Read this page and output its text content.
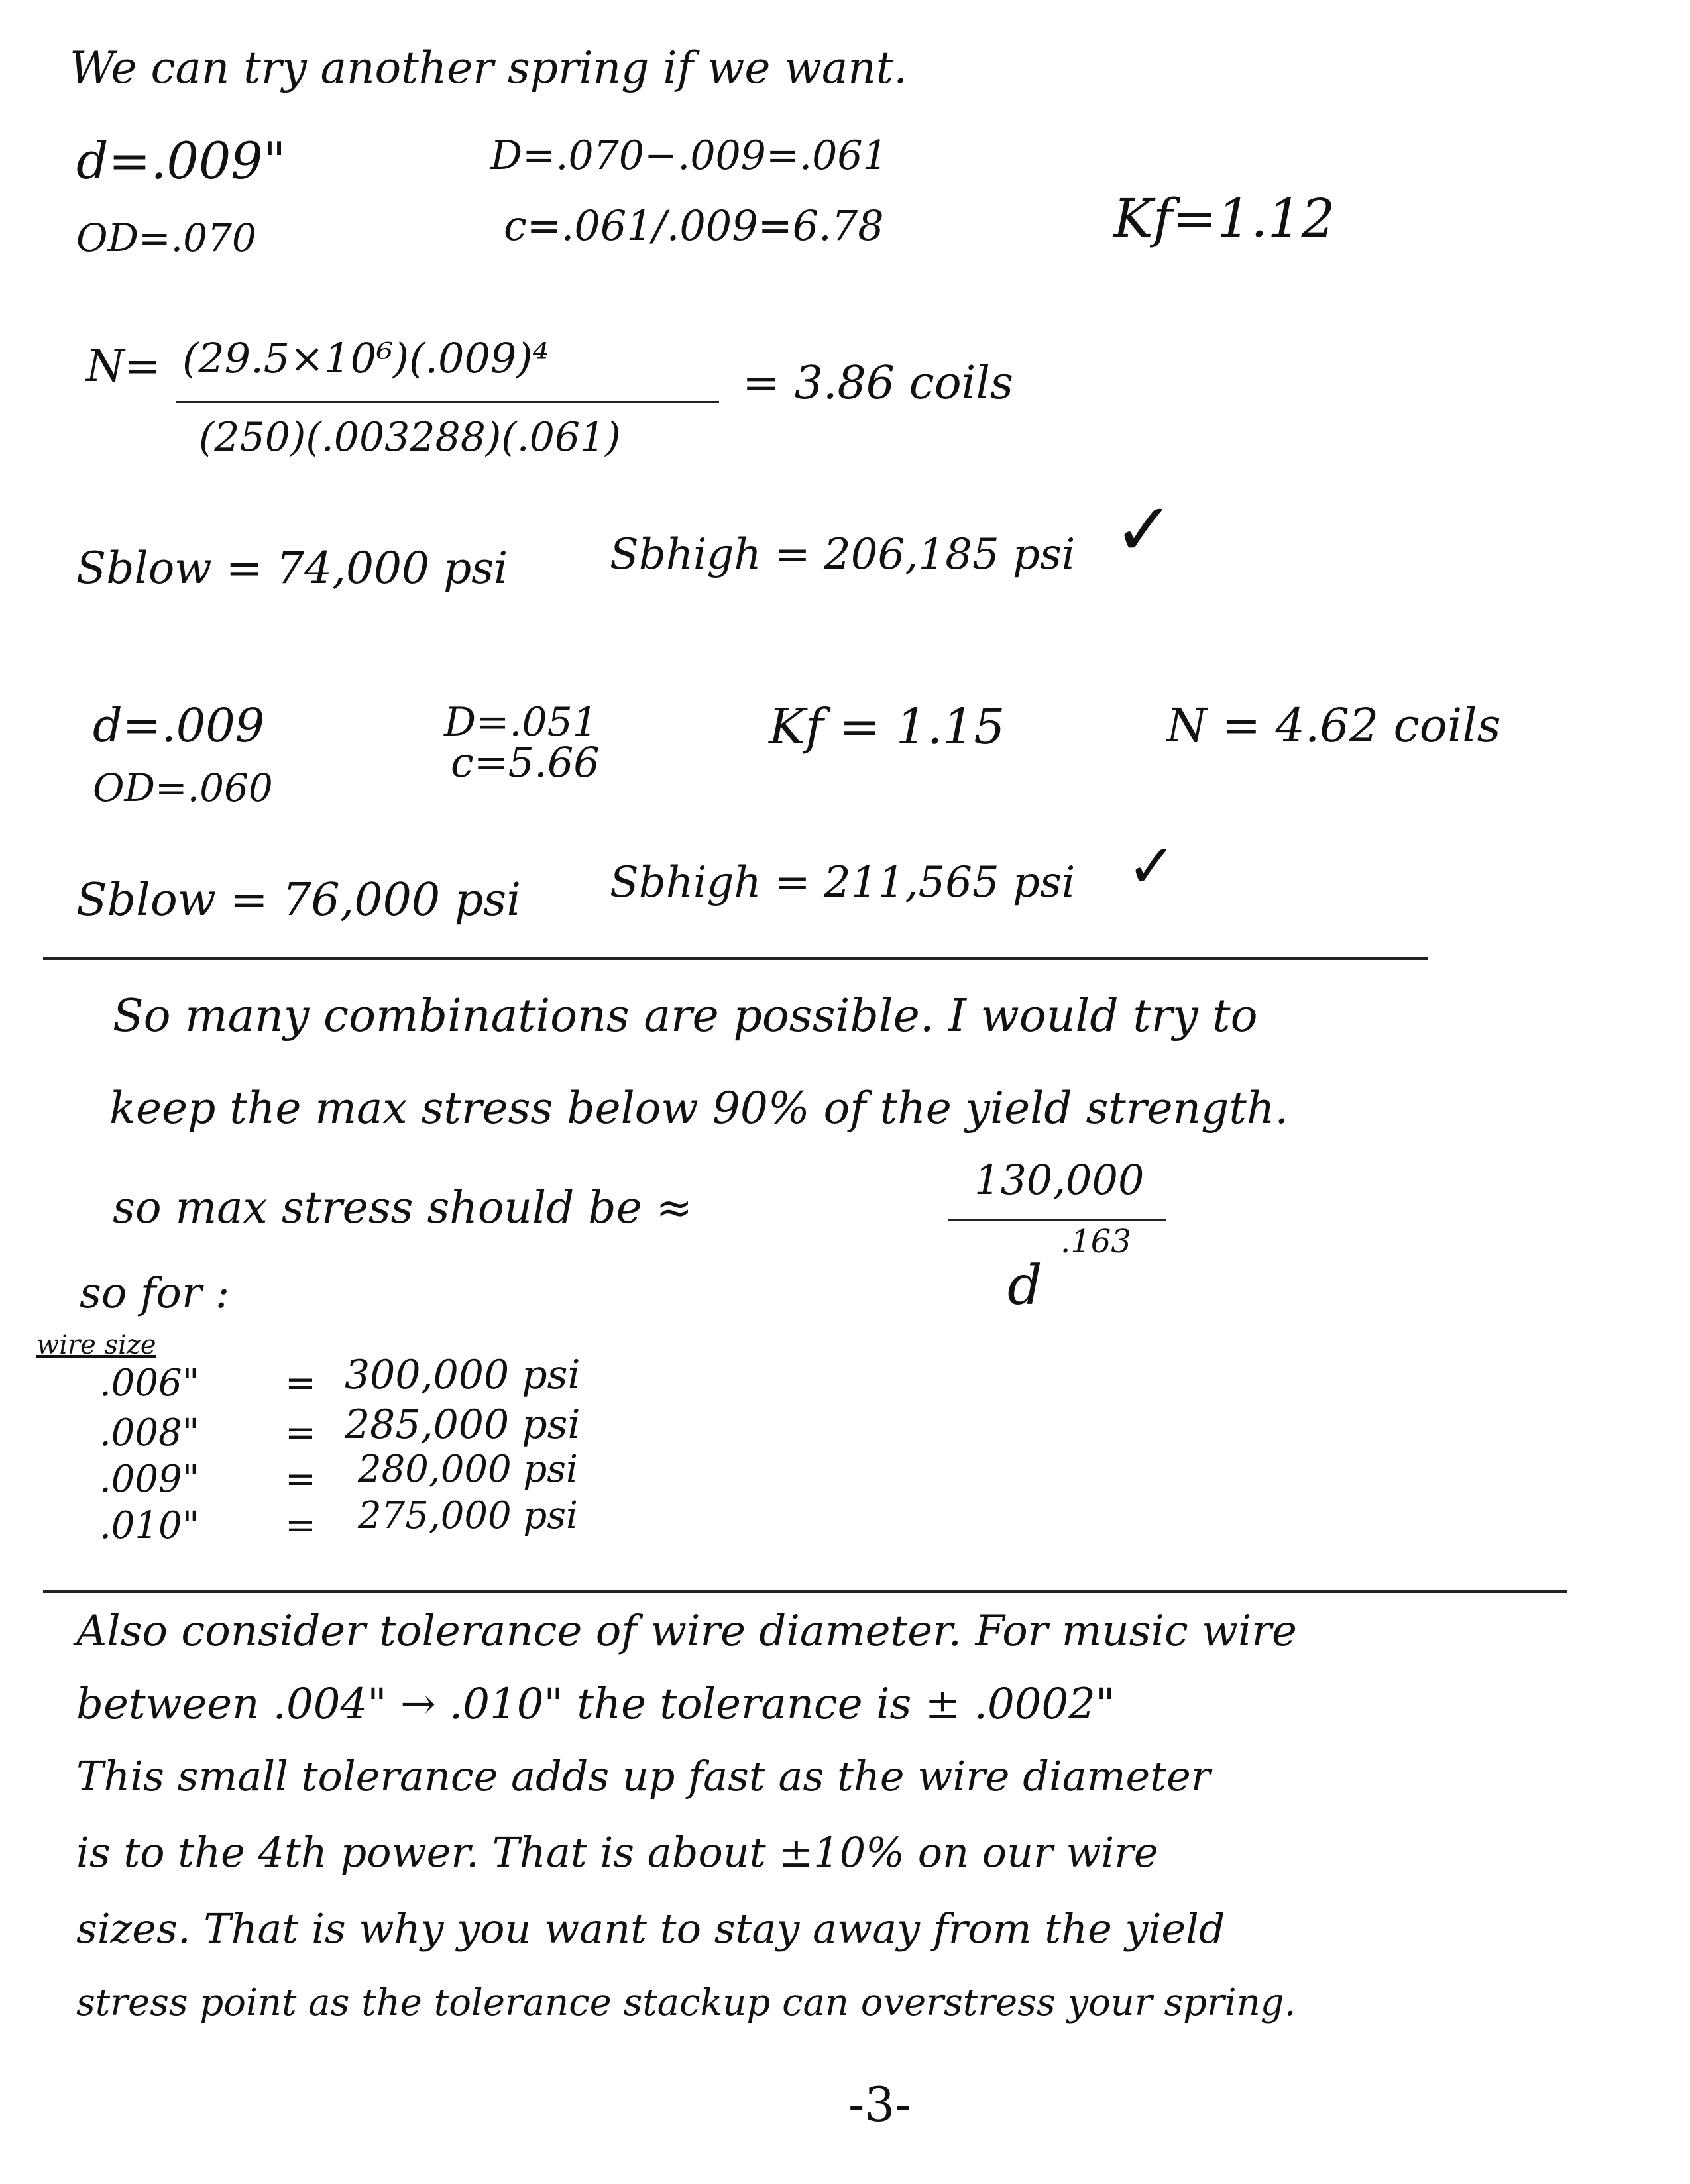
We can try another spring if we want.
d=.009"
OD=.070
D=.070−.009=.061
c=.061/.009=6.78	Kf=1.12
N= (29.5×10⁶)(.009)⁴
(250)(.003288)(.061)
= 3.86 coils
Sblow = 74,000 psi Sbhigh = 206,185 psi ✓
d=.009
OD=.060
D=.051
c=5.66
Kf = 1.15	N = 4.62 coils
Sblow = 76,000 psi Sbhigh = 211,565 psi ✓
So many combinations are possible. I would try to
keep the max stress below 90% of the yield strength.
so max stress should be ≈
130,000
d
.163
so for :
wire size
.006" = 300,000 psi
.008" = 285,000 psi
.009" = 280,000 psi
.010" = 275,000 psi
Also consider tolerance of wire diameter. For music wire
between .004" → .010" the tolerance is ± .0002"
This small tolerance adds up fast as the wire diameter
is to the 4th power. That is about ±10% on our wire
sizes. That is why you want to stay away from the yield
stress point as the tolerance stackup can overstress your spring.
-3-
